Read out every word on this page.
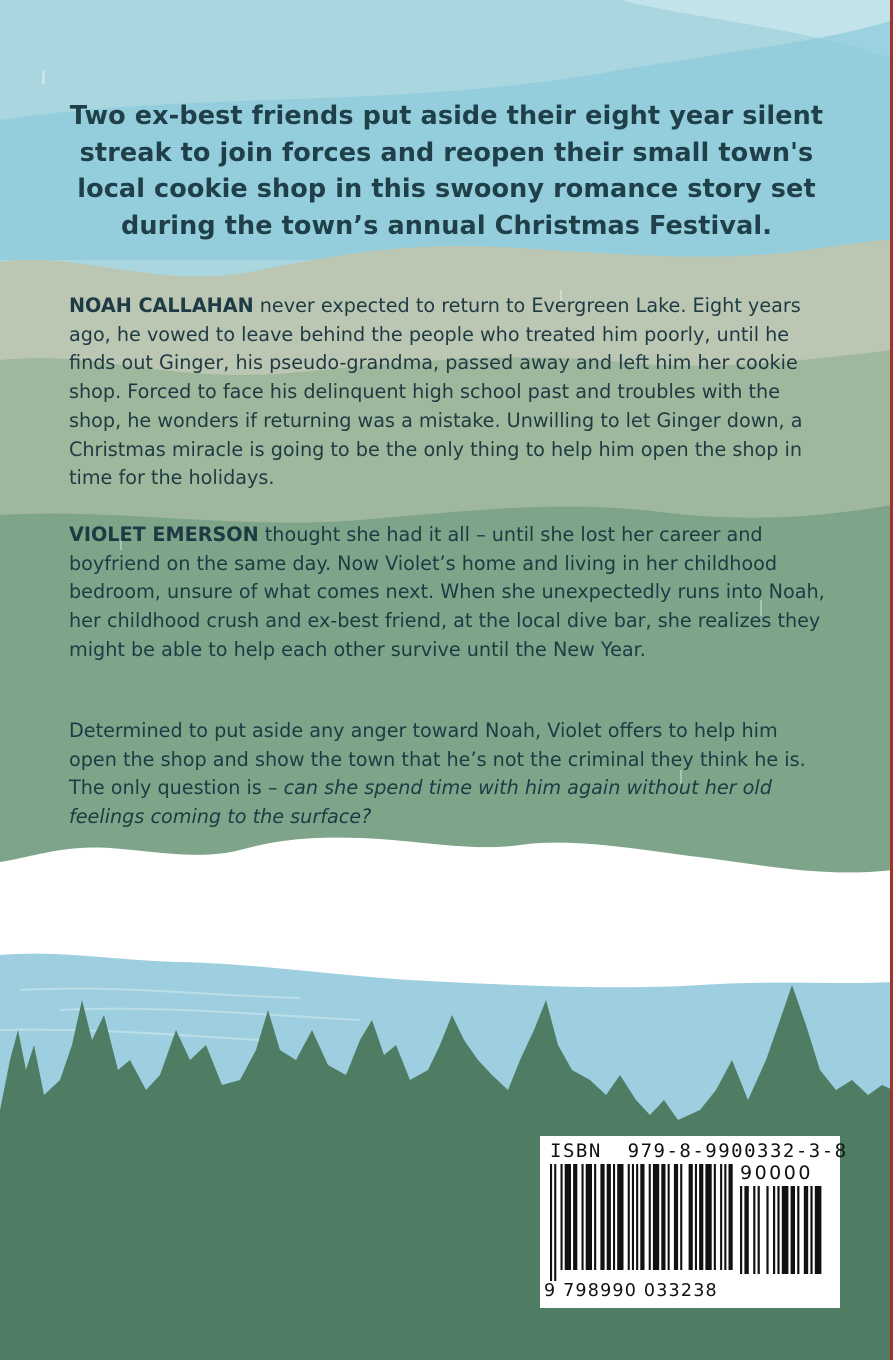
Two ex-best friends put aside their eight year silent streak to join forces and reopen their small town's local cookie shop in this swoony romance story set during the town’s annual Christmas Festival.

NOAH CALLAHAN never expected to return to Evergreen Lake. Eight years ago, he vowed to leave behind the people who treated him poorly, until he finds out Ginger, his pseudo-grandma, passed away and left him her cookie shop. Forced to face his delinquent high school past and troubles with the shop, he wonders if returning was a mistake. Unwilling to let Ginger down, a Christmas miracle is going to be the only thing to help him open the shop in time for the holidays.

VIOLET EMERSON thought she had it all – until she lost her career and boyfriend on the same day. Now Violet’s home and living in her childhood bedroom, unsure of what comes next. When she unexpectedly runs into Noah, her childhood crush and ex-best friend, at the local dive bar, she realizes they might be able to help each other survive until the New Year.

Determined to put aside any anger toward Noah, Violet offers to help him open the shop and show the town that he’s not the criminal they think he is. The only question is – can she spend time with him again without her old feelings coming to the surface?

ISBN  979-8-9900332-3-8
9 798990 033238
90000
